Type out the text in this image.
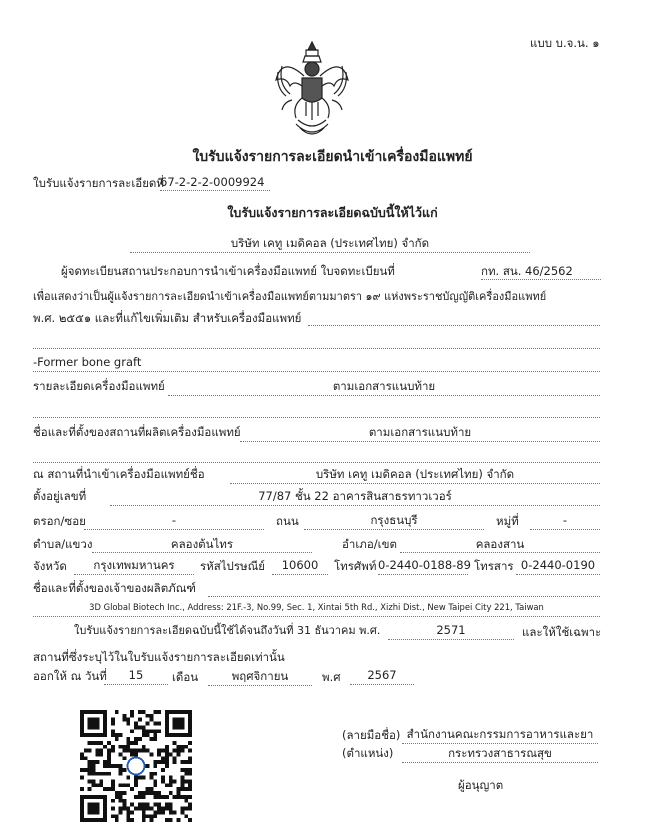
แบบ บ.จ.น. ๑
ใบรับแจ้งรายการละเอียดนำเข้าเครื่องมือแพทย์
ใบรับแจ้งรายการละเอียดที่
67-2-2-2-0009924
ใบรับแจ้งรายการละเอียดฉบับนี้ให้ไว้แก่
บริษัท เคทู เมดิคอล (ประเทศไทย) จำกัด
ผู้จดทะเบียนสถานประกอบการนำเข้าเครื่องมือแพทย์ ใบจดทะเบียนที่	กท. สน. 46/2562
เพื่อแสดงว่าเป็นผู้แจ้งรายการละเอียดนำเข้าเครื่องมือแพทย์ตามมาตรา ๑๙ แห่งพระราชบัญญัติเครื่องมือแพทย์
พ.ศ. ๒๕๕๑ และที่แก้ไขเพิ่มเติม สำหรับเครื่องมือแพทย์
-Former bone graft
รายละเอียดเครื่องมือแพทย์	ตามเอกสารแนบท้าย
ชื่อและที่ตั้งของสถานที่ผลิตเครื่องมือแพทย์	ตามเอกสารแนบท้าย
ณ สถานที่นำเข้าเครื่องมือแพทย์ชื่อ	บริษัท เคทู เมดิคอล (ประเทศไทย) จำกัด
ตั้งอยู่เลขที่	77/87 ชั้น 22 อาคารสินสาธรทาวเวอร์
ตรอก/ซอย	-	ถนน	กรุงธนบุรี	หมู่ที่	-
ตำบล/แขวง	คลองต้นไทร	อำเภอ/เขต	คลองสาน
จังหวัด	กรุงเทพมหานคร	รหัสไปรษณีย์	10600	โทรศัพท์ 0-2440-0188-89 โทรสาร 0-2440-0190
ชื่อและที่ตั้งของเจ้าของผลิตภัณฑ์
3D Global Biotech Inc., Address: 21F.-3, No.99, Sec. 1, Xintai 5th Rd., Xizhi Dist., New Taipei City 221, Taiwan
ใบรับแจ้งรายการละเอียดฉบับนี้ใช้ได้จนถึงวันที่ 31 ธันวาคม พ.ศ.	2571	และให้ใช้เฉพาะ
สถานที่ซึ่งระบุไว้ในใบรับแจ้งรายการละเอียดเท่านั้น
ออกให้ ณ วันที่	15	เดือน	พฤศจิกายน	พ.ศ	2567
(ลายมือชื่อ) สำนักงานคณะกรรมการอาหารและยา
(ตำแหน่ง)	กระทรวงสาธารณสุข
ผู้อนุญาต
